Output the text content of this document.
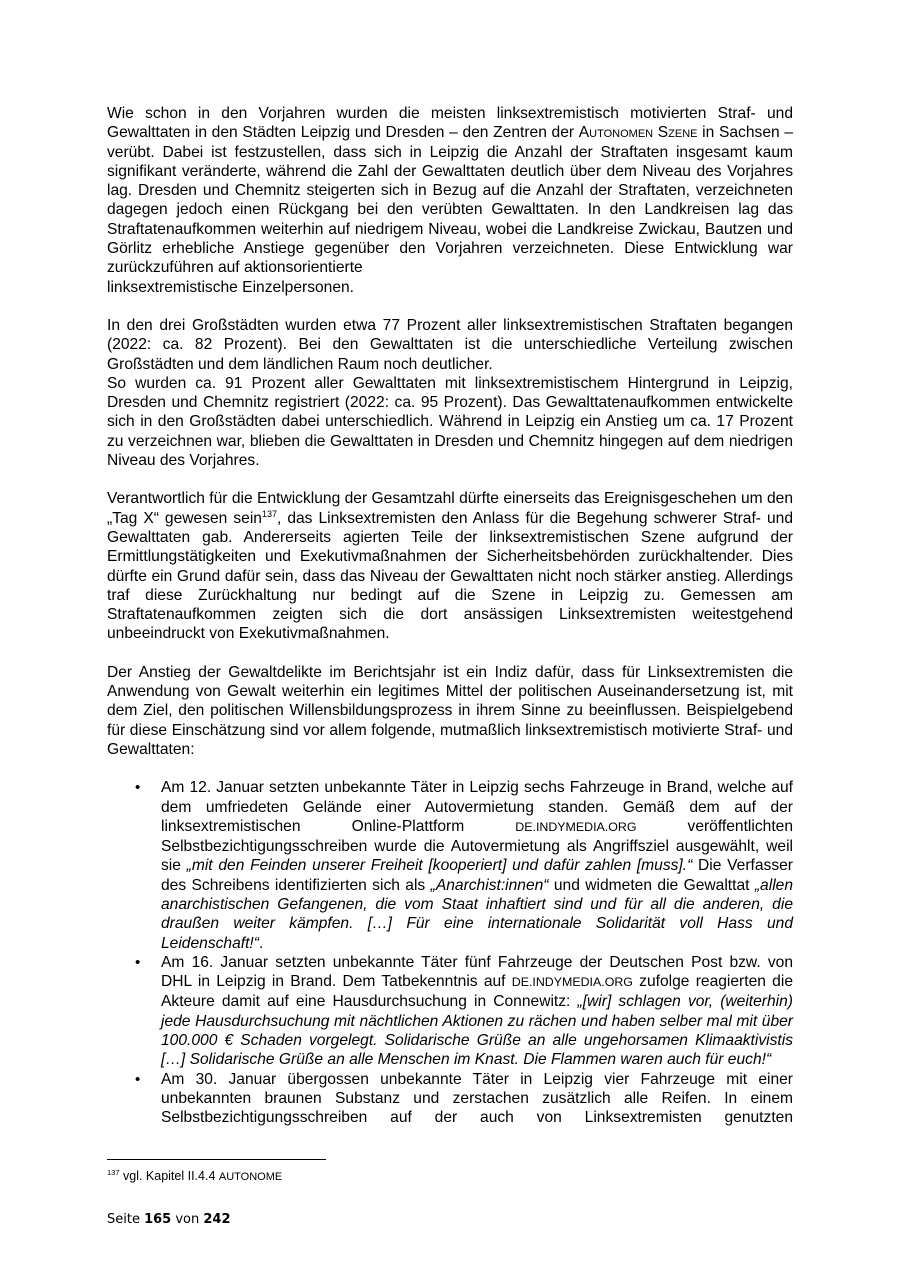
Wie schon in den Vorjahren wurden die meisten linksextremistisch motivierten Straf- und Gewalttaten in den Städten Leipzig und Dresden – den Zentren der Autonomen Szene in Sachsen – verübt. Dabei ist festzustellen, dass sich in Leipzig die Anzahl der Straftaten insgesamt kaum signifikant veränderte, während die Zahl der Gewalttaten deutlich über dem Niveau des Vorjahres lag. Dresden und Chemnitz steigerten sich in Bezug auf die Anzahl der Straftaten, verzeichneten dagegen jedoch einen Rückgang bei den verübten Gewalttaten. In den Landkreisen lag das Straftatenaufkommen weiterhin auf niedrigem Niveau, wobei die Landkreise Zwickau, Bautzen und Görlitz erhebliche Anstiege gegenüber den Vorjahren verzeichneten. Diese Entwicklung war zurückzuführen auf aktionsorientierte

linksextremistische Einzelpersonen.

In den drei Großstädten wurden etwa 77 Prozent aller linksextremistischen Straftaten begangen (2022: ca. 82 Prozent). Bei den Gewalttaten ist die unterschiedliche Verteilung zwischen Großstädten und dem ländlichen Raum noch deutlicher.

So wurden ca. 91 Prozent aller Gewalttaten mit linksextremistischem Hintergrund in Leipzig, Dresden und Chemnitz registriert (2022: ca. 95 Prozent). Das Gewalttatenaufkommen entwickelte sich in den Großstädten dabei unterschiedlich. Während in Leipzig ein Anstieg um ca. 17 Prozent zu verzeichnen war, blieben die Gewalttaten in Dresden und Chemnitz hingegen auf dem niedrigen Niveau des Vorjahres.

Verantwortlich für die Entwicklung der Gesamtzahl dürfte einerseits das Ereignisgeschehen um den „Tag X“ gewesen sein$^{137}$, das Linksextremisten den Anlass für die Begehung schwerer Straf- und Gewalttaten gab. Andererseits agierten Teile der linksextremistischen Szene aufgrund der Ermittlungstätigkeiten und Exekutivmaßnahmen der Sicherheitsbehörden zurückhaltender. Dies dürfte ein Grund dafür sein, dass das Niveau der Gewalttaten nicht noch stärker anstieg. Allerdings traf diese Zurückhaltung nur bedingt auf die Szene in Leipzig zu. Gemessen am Straftatenaufkommen zeigten sich die dort ansässigen Linksextremisten weitestgehend unbeeindruckt von Exekutivmaßnahmen.

Der Anstieg der Gewaltdelikte im Berichtsjahr ist ein Indiz dafür, dass für Linksextremisten die Anwendung von Gewalt weiterhin ein legitimes Mittel der politischen Auseinandersetzung ist, mit dem Ziel, den politischen Willensbildungsprozess in ihrem Sinne zu beeinflussen. Beispielgebend für diese Einschätzung sind vor allem folgende, mutmaßlich linksextremistisch motivierte Straf- und Gewalttaten:

• Am 12. Januar setzten unbekannte Täter in Leipzig sechs Fahrzeuge in Brand, welche auf dem umfriedeten Gelände einer Autovermietung standen. Gemäß dem auf der linksextremistischen Online-Plattform DE.INDYMEDIA.ORG veröffentlichten Selbstbezichtigungsschreiben wurde die Autovermietung als Angriffsziel ausgewählt, weil sie „mit den Feinden unserer Freiheit [kooperiert] und dafür zahlen [muss].“ Die Verfasser des Schreibens identifizierten sich als „Anarchist:innen“ und widmeten die Gewalttat „allen anarchistischen Gefangenen, die vom Staat inhaftiert sind und für all die anderen, die draußen weiter kämpfen. […] Für eine internationale Solidarität voll Hass und Leidenschaft!“.
• Am 16. Januar setzten unbekannte Täter fünf Fahrzeuge der Deutschen Post bzw. von DHL in Leipzig in Brand. Dem Tatbekenntnis auf DE.INDYMEDIA.ORG zufolge reagierten die Akteure damit auf eine Hausdurchsuchung in Connewitz: „[wir] schlagen vor, (weiterhin) jede Hausdurchsuchung mit nächtlichen Aktionen zu rächen und haben selber mal mit über 100.000 € Schaden vorgelegt. Solidarische Grüße an alle ungehorsamen Klimaaktivistis […] Solidarische Grüße an alle Menschen im Knast. Die Flammen waren auch für euch!“
• Am 30. Januar übergossen unbekannte Täter in Leipzig vier Fahrzeuge mit einer unbekannten braunen Substanz und zerstachen zusätzlich alle Reifen. In einem Selbstbezichtigungsschreiben auf der auch von Linksextremisten genutzten
$^{137}$ vgl. Kapitel II.4.4 AUTONOME
Seite 165 von 242
